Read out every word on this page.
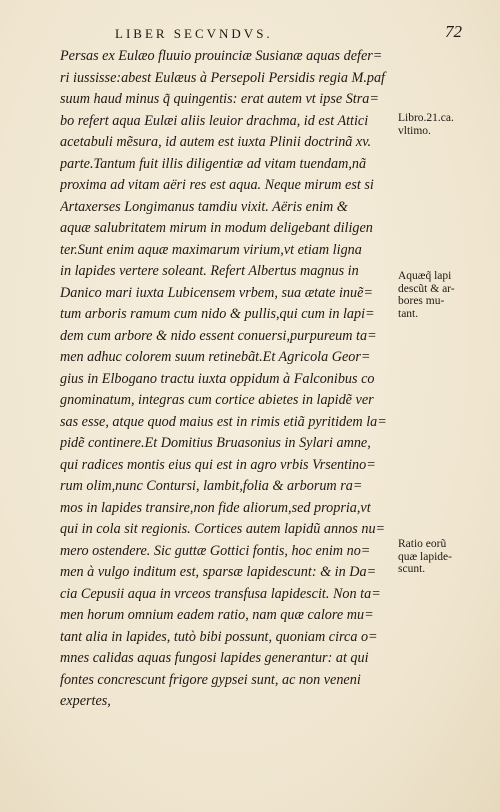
LIBER SECVNDVS.	72
Persas ex Eulæo fluuio prouinciæ Susianæ aquas defer=
ri iussisse:abest Eulæus à Persepoli Persidis regia M.paf
suum haud minus q̃ quingentis: erat autem vt ipse Stra=
bo refert aqua Eulæi aliis leuior drachma, id est Attici
acetabuli mẽsura, id autem est iuxta Plinii doctrinã xv.
parte.Tantum fuit illis diligentiæ ad vitam tuendam,nã
proxima ad vitam aëri res est aqua. Neque mirum est si
Artaxerses Longimanus tamdiu vixit. Aëris enim &
aquæ salubritatem mirum in modum deligebant diligen
ter.Sunt enim aquæ maximarum virium,vt etiam ligna
in lapides vertere soleant. Refert Albertus magnus in
Danico mari iuxta Lubicensem vrbem, sua ætate inuẽ=
tum arboris ramum cum nido & pullis,qui cum in lapi=
dem cum arbore & nido essent conuersi,purpureum ta=
men adhuc colorem suum retinebãt.Et Agricola Geor=
gius in Elbogano tractu iuxta oppidum à Falconibus co
gnominatum, integras cum cortice abietes in lapidẽ ver
sas esse, atque quod maius est in rimis etiã pyritidem la=
pidẽ continere.Et Domitius Bruasonius in Sylari amne,
qui radices montis eius qui est in agro vrbis Vrsentino=
rum olim,nunc Contursi, lambit,folia & arborum ra=
mos in lapides transire,non fide aliorum,sed propria,vt
qui in cola sit regionis. Cortices autem lapidũ annos nu=
mero ostendere. Sic guttæ Gottici fontis, hoc enim no=
men à vulgo inditum est, sparsæ lapidescunt: & in Da=
cia Cepusii aqua in vrceos transfusa lapidescit. Non ta=
men horum omnium eadem ratio, nam quæ calore mu=
tant alia in lapides, tutò bibi possunt, quoniam circa o=
mnes calidas aquas fungosi lapides generantur: at qui
fontes concrescunt frigore gypsei sunt, ac non veneni
expertes,
Libro.21.ca.
vltimo.
Aquæq̃ lapi
descũt & ar-
bores mu-
tant.
Ratio eorũ
quæ lapide-
scunt.
